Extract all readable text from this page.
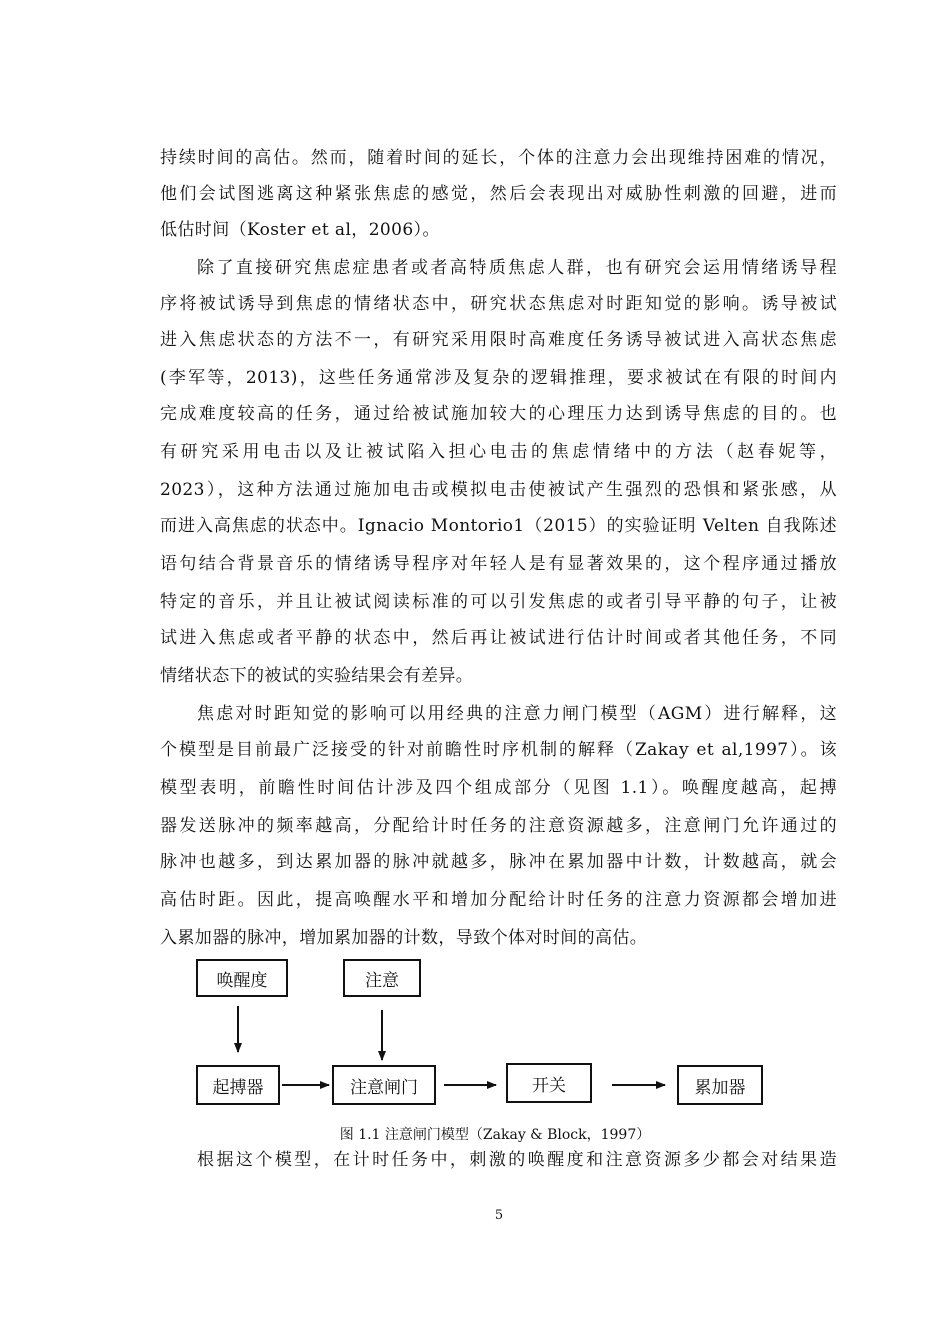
持续时间的高估。然而，随着时间的延长，个体的注意力会出现维持困难的情况，
他们会试图逃离这种紧张焦虑的感觉，然后会表现出对威胁性刺激的回避，进而
低估时间（Koster et al，2006）。
除了直接研究焦虑症患者或者高特质焦虑人群，也有研究会运用情绪诱导程
序将被试诱导到焦虑的情绪状态中，研究状态焦虑对时距知觉的影响。诱导被试
进入焦虑状态的方法不一，有研究采用限时高难度任务诱导被试进入高状态焦虑
(李军等，2013)，这些任务通常涉及复杂的逻辑推理，要求被试在有限的时间内
完成难度较高的任务，通过给被试施加较大的心理压力达到诱导焦虑的目的。也
有研究采用电击以及让被试陷入担心电击的焦虑情绪中的方法（赵春妮等，
2023），这种方法通过施加电击或模拟电击使被试产生强烈的恐惧和紧张感，从
而进入高焦虑的状态中。Ignacio Montorio1（2015）的实验证明 Velten 自我陈述
语句结合背景音乐的情绪诱导程序对年轻人是有显著效果的，这个程序通过播放
特定的音乐，并且让被试阅读标准的可以引发焦虑的或者引导平静的句子，让被
试进入焦虑或者平静的状态中，然后再让被试进行估计时间或者其他任务，不同
情绪状态下的被试的实验结果会有差异。
焦虑对时距知觉的影响可以用经典的注意力闸门模型（AGM）进行解释，这
个模型是目前最广泛接受的针对前瞻性时序机制的解释（Zakay et al,1997）。该
模型表明，前瞻性时间估计涉及四个组成部分（见图 1.1）。唤醒度越高，起搏
器发送脉冲的频率越高，分配给计时任务的注意资源越多，注意闸门允许通过的
脉冲也越多，到达累加器的脉冲就越多，脉冲在累加器中计数，计数越高，就会
高估时距。因此，提高唤醒水平和增加分配给计时任务的注意力资源都会增加进
入累加器的脉冲，增加累加器的计数，导致个体对时间的高估。
唤醒度	注意
起搏器	注意闸门	开关	累加器
图 1.1 注意闸门模型（Zakay & Block，1997）
根据这个模型，在计时任务中，刺激的唤醒度和注意资源多少都会对结果造
5
